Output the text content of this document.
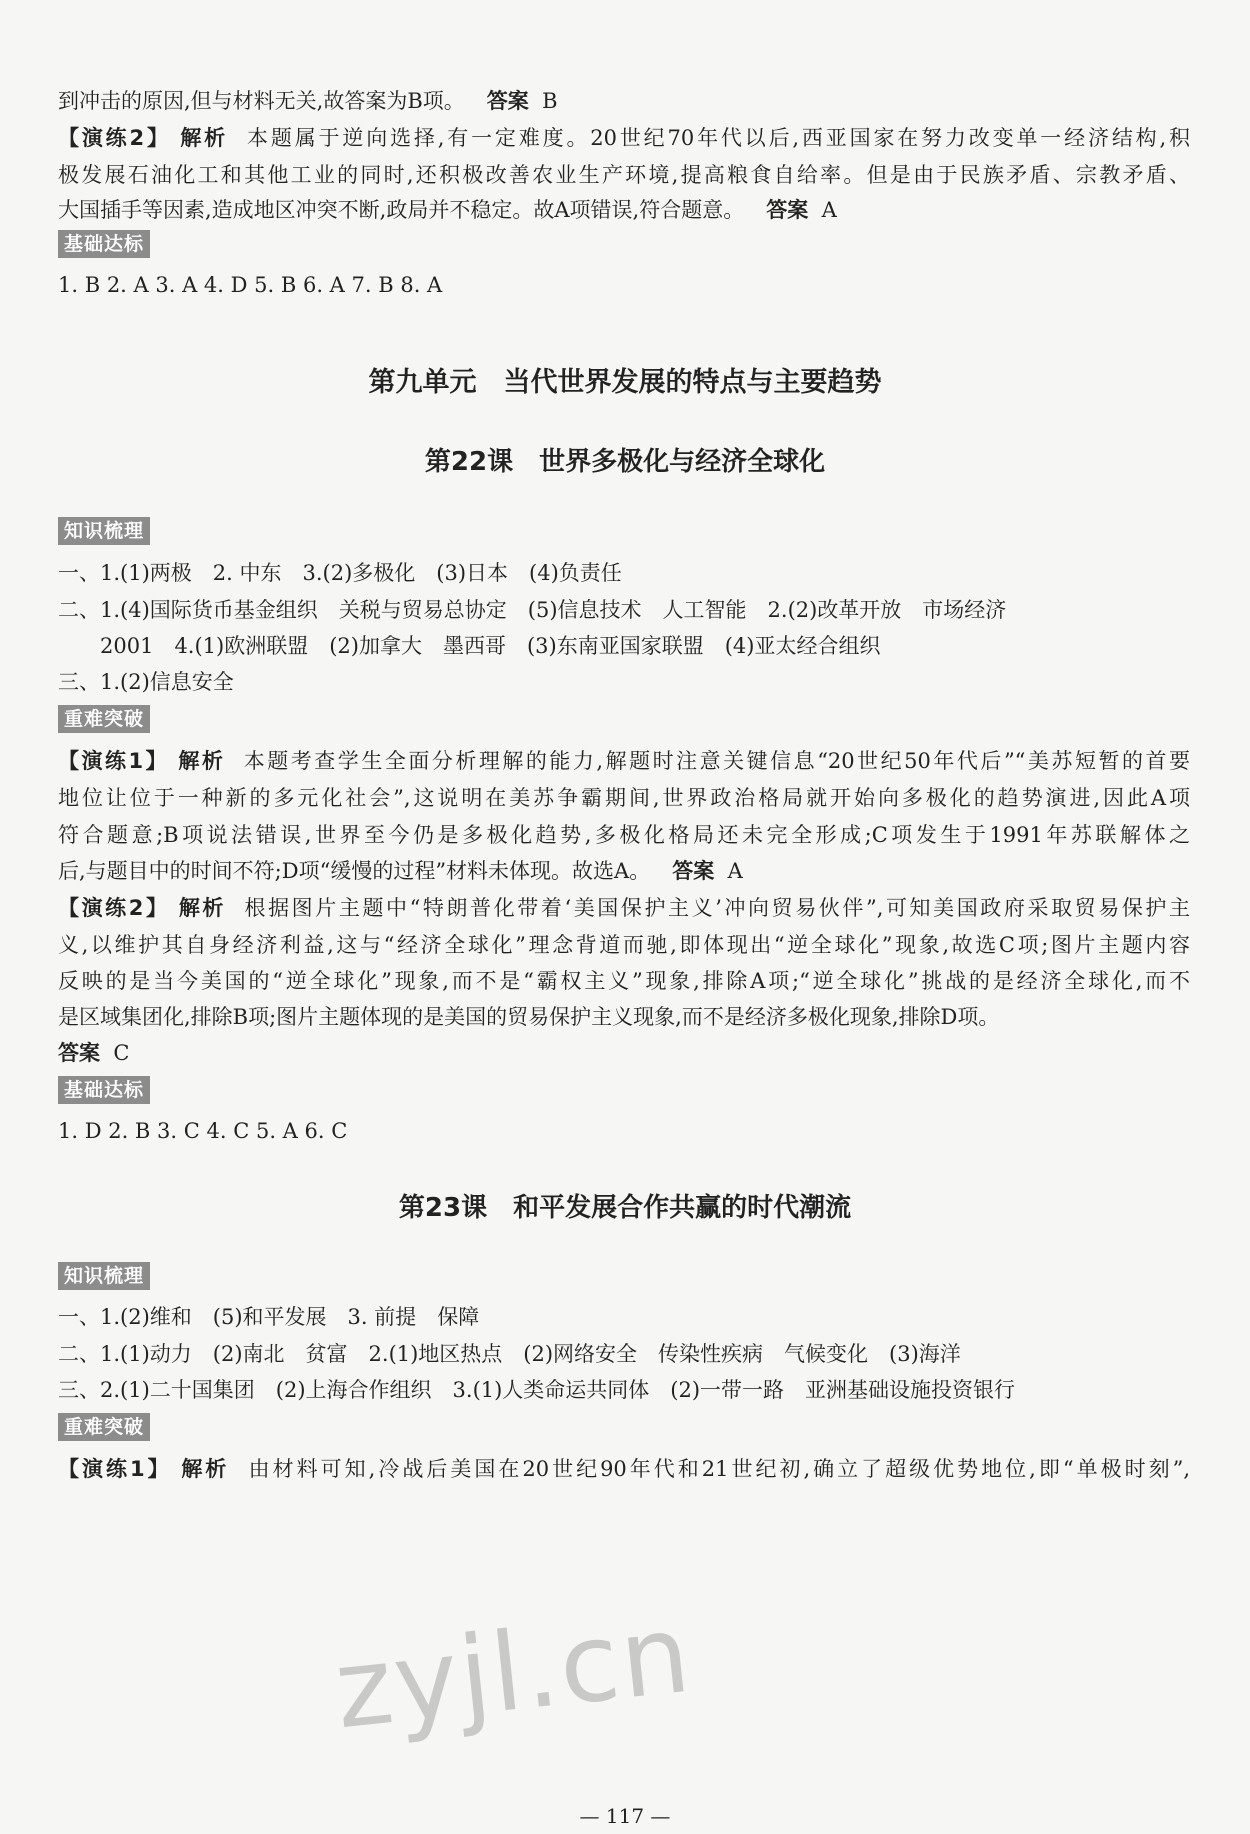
到冲击的原因,但与材料无关,故答案为B项。 答案 B
【演练2】 解析 本题属于逆向选择,有一定难度。20世纪70年代以后,西亚国家在努力改变单一经济结构,积
极发展石油化工和其他工业的同时,还积极改善农业生产环境,提高粮食自给率。但是由于民族矛盾、宗教矛盾、
大国插手等因素,造成地区冲突不断,政局并不稳定。故A项错误,符合题意。 答案 A
基础达标
1. B 2. A 3. A 4. D 5. B 6. A 7. B 8. A
第九单元　当代世界发展的特点与主要趋势
第22课　世界多极化与经济全球化
知识梳理
一、1.(1)两极　2. 中东　3.(2)多极化　(3)日本　(4)负责任
二、1.(4)国际货币基金组织　关税与贸易总协定　(5)信息技术　人工智能　2.(2)改革开放　市场经济
2001　4.(1)欧洲联盟　(2)加拿大　墨西哥　(3)东南亚国家联盟　(4)亚太经合组织
三、1.(2)信息安全
重难突破
【演练1】 解析 本题考查学生全面分析理解的能力,解题时注意关键信息“20世纪50年代后”“美苏短暂的首要
地位让位于一种新的多元化社会”,这说明在美苏争霸期间,世界政治格局就开始向多极化的趋势演进,因此A项
符合题意;B项说法错误,世界至今仍是多极化趋势,多极化格局还未完全形成;C项发生于1991年苏联解体之
后,与题目中的时间不符;D项“缓慢的过程”材料未体现。故选A。 答案 A
【演练2】 解析 根据图片主题中“特朗普化带着‘美国保护主义’冲向贸易伙伴”,可知美国政府采取贸易保护主
义,以维护其自身经济利益,这与“经济全球化”理念背道而驰,即体现出“逆全球化”现象,故选C项;图片主题内容
反映的是当今美国的“逆全球化”现象,而不是“霸权主义”现象,排除A项;“逆全球化”挑战的是经济全球化,而不
是区域集团化,排除B项;图片主题体现的是美国的贸易保护主义现象,而不是经济多极化现象,排除D项。
答案 C
基础达标
1. D 2. B 3. C 4. C 5. A 6. C
第23课　和平发展合作共赢的时代潮流
知识梳理
一、1.(2)维和　(5)和平发展　3. 前提　保障
二、1.(1)动力　(2)南北　贫富　2.(1)地区热点　(2)网络安全　传染性疾病　气候变化　(3)海洋
三、2.(1)二十国集团　(2)上海合作组织　3.(1)人类命运共同体　(2)一带一路　亚洲基础设施投资银行
重难突破
【演练1】 解析 由材料可知,冷战后美国在20世纪90年代和21世纪初,确立了超级优势地位,即“单极时刻”,
zyjl.cn
— 117 —
